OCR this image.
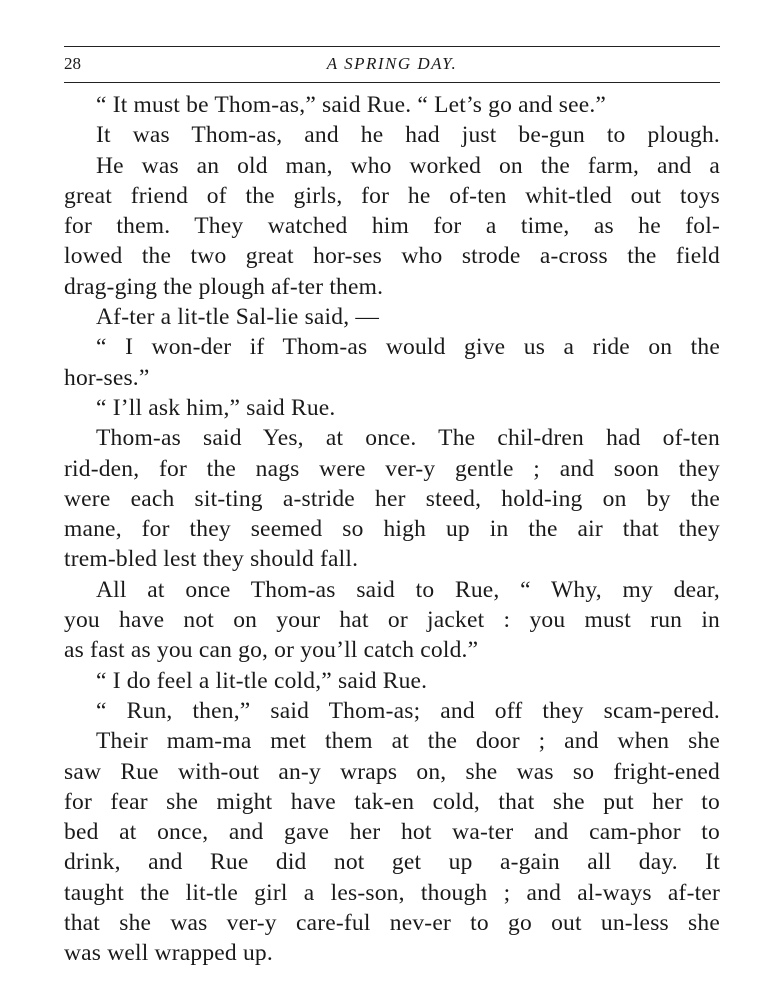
28	A SPRING DAY.
“ It must be Thom-as,” said Rue. “ Let’s go and see.”
It was Thom-as, and he had just be-gun to plough.
He was an old man, who worked on the farm, and a
great friend of the girls, for he of-ten whit-tled out toys
for them. They watched him for a time, as he fol-
lowed the two great hor-ses who strode a-cross the field
drag-ging the plough af-ter them.
Af-ter a lit-tle Sal-lie said, —
“ I won-der if Thom-as would give us a ride on the
hor-ses.”
“ I’ll ask him,” said Rue.
Thom-as said Yes, at once. The chil-dren had of-ten
rid-den, for the nags were ver-y gentle ; and soon they
were each sit-ting a-stride her steed, hold-ing on by the
mane, for they seemed so high up in the air that they
trem-bled lest they should fall.
All at once Thom-as said to Rue, “ Why, my dear,
you have not on your hat or jacket : you must run in
as fast as you can go, or you’ll catch cold.”
“ I do feel a lit-tle cold,” said Rue.
“ Run, then,” said Thom-as; and off they scam-pered.
Their mam-ma met them at the door ; and when she
saw Rue with-out an-y wraps on, she was so fright-ened
for fear she might have tak-en cold, that she put her to
bed at once, and gave her hot wa-ter and cam-phor to
drink, and Rue did not get up a-gain all day. It
taught the lit-tle girl a les-son, though ; and al-ways af-ter
that she was ver-y care-ful nev-er to go out un-less she
was well wrapped up.
